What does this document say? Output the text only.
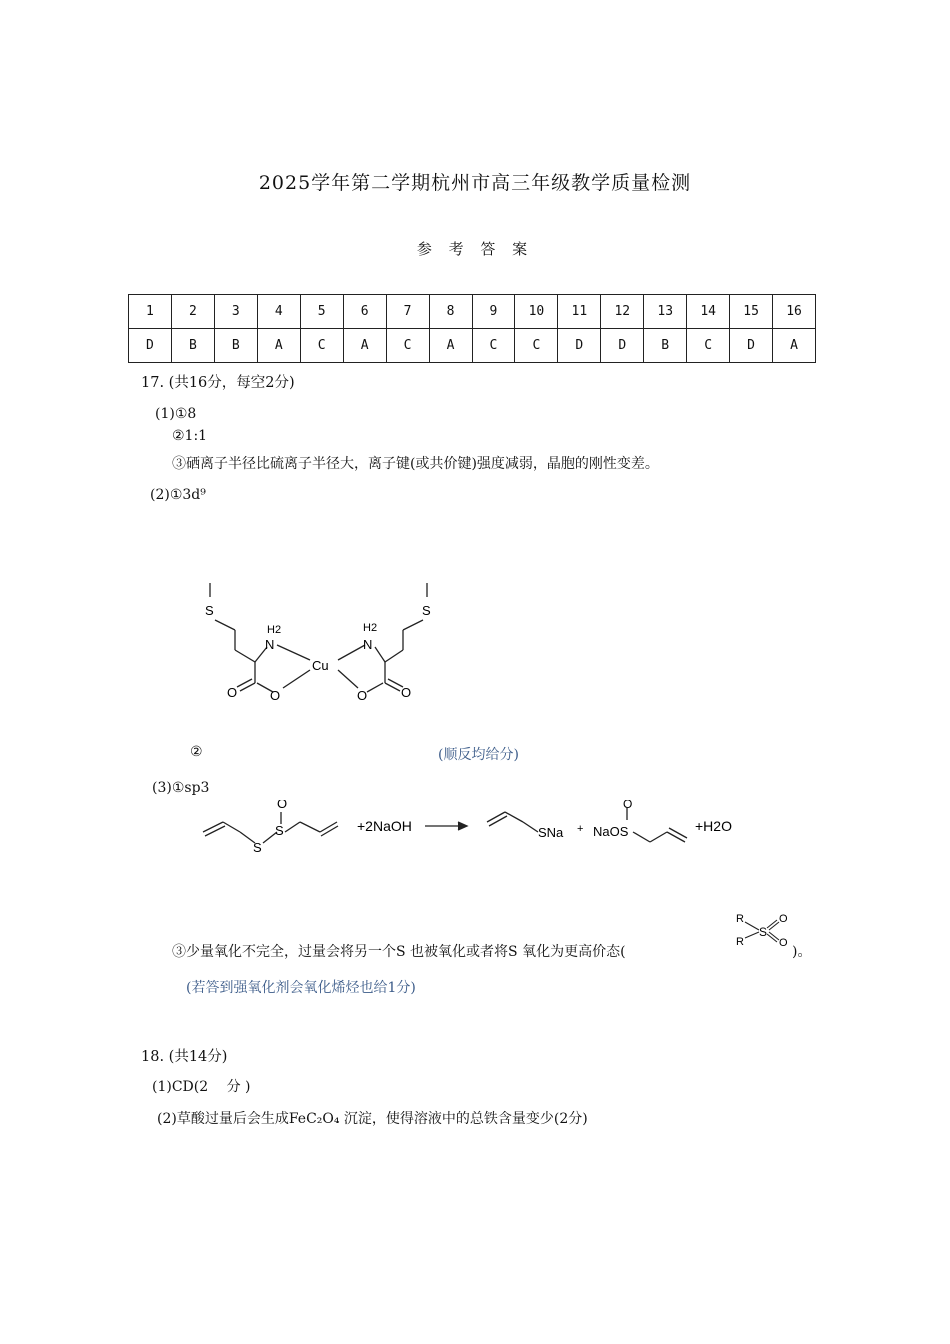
2025学年第二学期杭州市高三年级教学质量检测
参 考 答 案
1	2	3	4	5	6	7	8	9	10	11	12	13	14	15	16
D	B	B	A	C	A	C	A	C	C	D	D	B	C	D	A
17. (共16分，每空2分)
(1)①8
②1:1
③硒离子半径比硫离子半径大，离子键(或共价键)强度减弱，晶胞的刚性变差。
(2)①3d⁹
S	S
H2
N
H2
N
Cu
O	O	O	O
②	(顺反均给分)
(3)①sp3
O
S
S
+2NaOH	SNa +
O
NaOS	+H2O
③少量氧化不完全，过量会将另一个S 也被氧化或者将S 氧化为更高价态(
R
R
S
O
O
)。
(若答到强氧化剂会氧化烯烃也给1分)
18. (共14分)
(1)CD(2　 分 )
(2)草酸过量后会生成FeC₂O₄ 沉淀，使得溶液中的总铁含量变少(2分)
